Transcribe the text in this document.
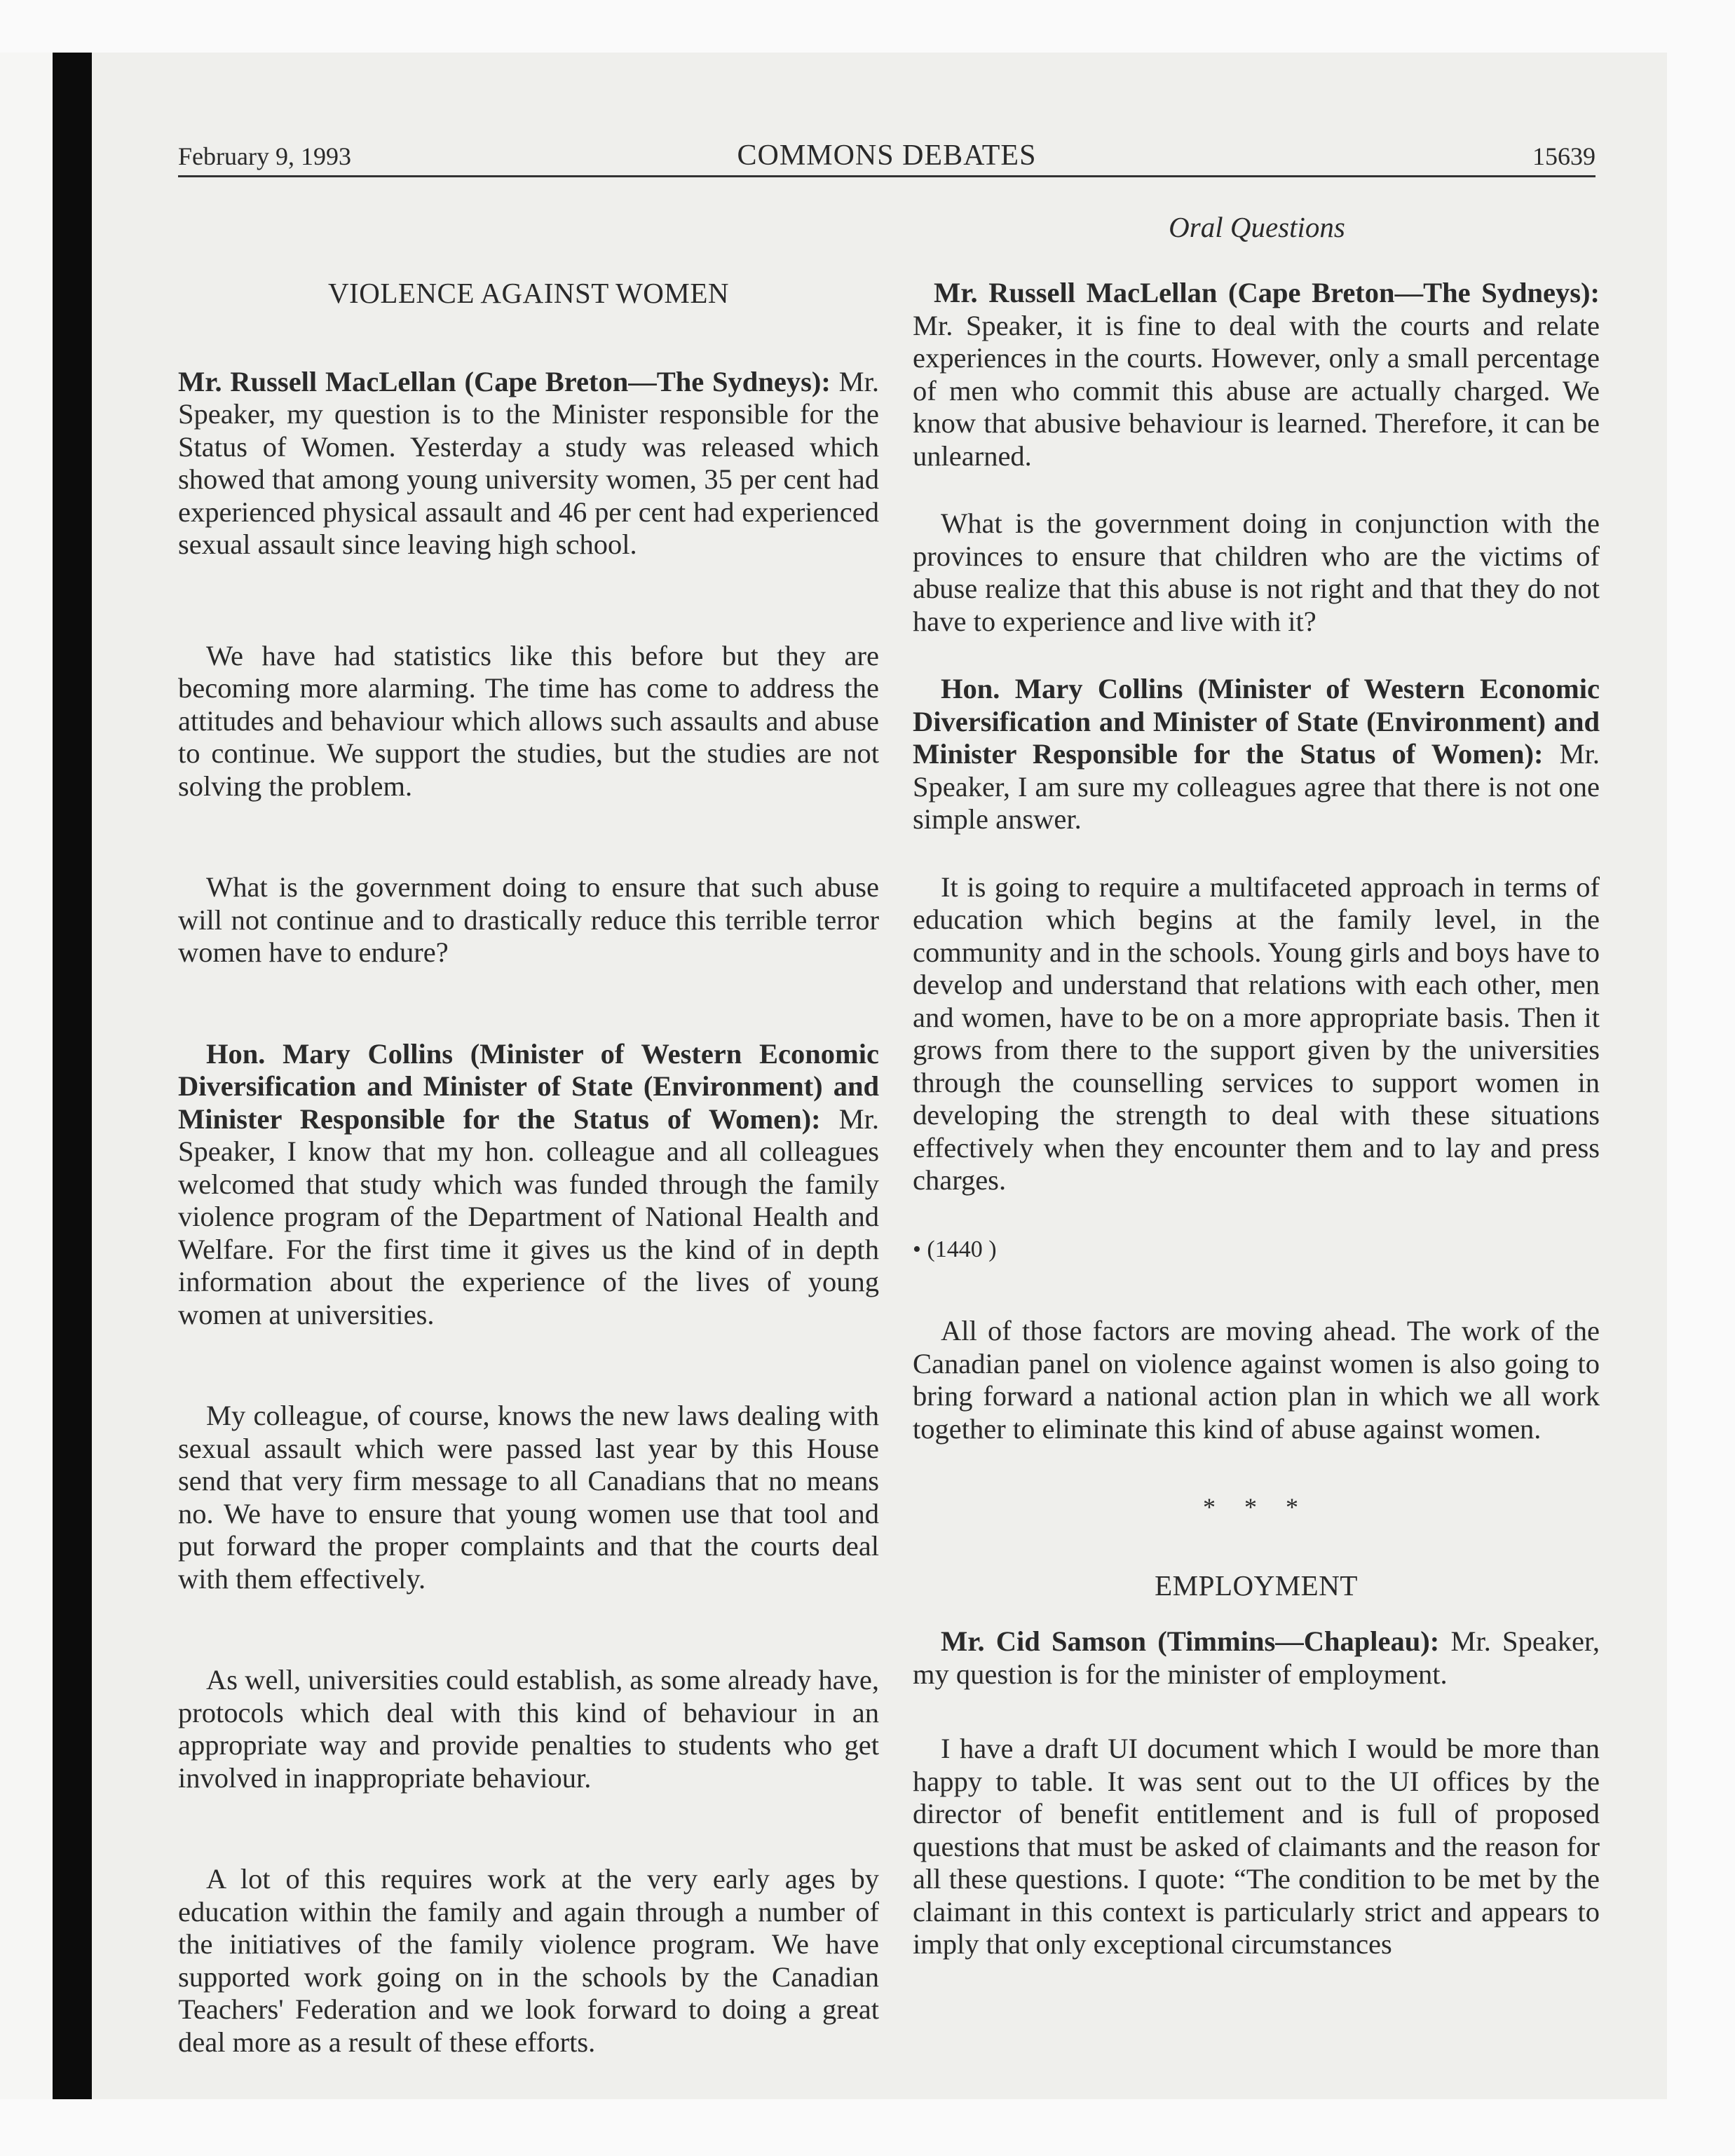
February 9, 1993	COMMONS DEBATES	15639
Oral Questions

VIOLENCE AGAINST WOMEN

Mr. Russell MacLellan (Cape Breton—The Sydneys): Mr. Speaker, my question is to the Minister responsible for the Status of Women. Yesterday a study was released which showed that among young university women, 35 per cent had experienced physical assault and 46 per cent had experienced sexual assault since leaving high school.

We have had statistics like this before but they are becoming more alarming. The time has come to address the attitudes and behaviour which allows such assaults and abuse to continue. We support the studies, but the studies are not solving the problem.

What is the government doing to ensure that such abuse will not continue and to drastically reduce this terrible terror women have to endure?

Hon. Mary Collins (Minister of Western Economic Diversification and Minister of State (Environment) and Minister Responsible for the Status of Women): Mr. Speaker, I know that my hon. colleague and all colleagues welcomed that study which was funded through the family violence program of the Department of National Health and Welfare. For the first time it gives us the kind of in depth information about the experience of the lives of young women at universities.

My colleague, of course, knows the new laws dealing with sexual assault which were passed last year by this House send that very firm message to all Canadians that no means no. We have to ensure that young women use that tool and put forward the proper complaints and that the courts deal with them effectively.

As well, universities could establish, as some already have, protocols which deal with this kind of behaviour in an appropriate way and provide penalties to students who get involved in inappropriate behaviour.

A lot of this requires work at the very early ages by education within the family and again through a number of the initiatives of the family violence program. We have supported work going on in the schools by the Canadian Teachers' Federation and we look forward to doing a great deal more as a result of these efforts.

Mr. Russell MacLellan (Cape Breton—The Sydneys): Mr. Speaker, it is fine to deal with the courts and relate experiences in the courts. However, only a small percentage of men who commit this abuse are actually charged. We know that abusive behaviour is learned. Therefore, it can be unlearned.

What is the government doing in conjunction with the provinces to ensure that children who are the victims of abuse realize that this abuse is not right and that they do not have to experience and live with it?

Hon. Mary Collins (Minister of Western Economic Diversification and Minister of State (Environment) and Minister Responsible for the Status of Women): Mr. Speaker, I am sure my colleagues agree that there is not one simple answer.

It is going to require a multifaceted approach in terms of education which begins at the family level, in the community and in the schools. Young girls and boys have to develop and understand that relations with each other, men and women, have to be on a more appropriate basis. Then it grows from there to the support given by the universities through the counselling services to support women in developing the strength to deal with these situations effectively when they encounter them and to lay and press charges.

• (1440 )

All of those factors are moving ahead. The work of the Canadian panel on violence against women is also going to bring forward a national action plan in which we all work together to eliminate this kind of abuse against women.

* * *

EMPLOYMENT

Mr. Cid Samson (Timmins—Chapleau): Mr. Speaker, my question is for the minister of employment.

I have a draft UI document which I would be more than happy to table. It was sent out to the UI offices by the director of benefit entitlement and is full of proposed questions that must be asked of claimants and the reason for all these questions. I quote: “The condition to be met by the claimant in this context is particularly strict and appears to imply that only exceptional circumstances
